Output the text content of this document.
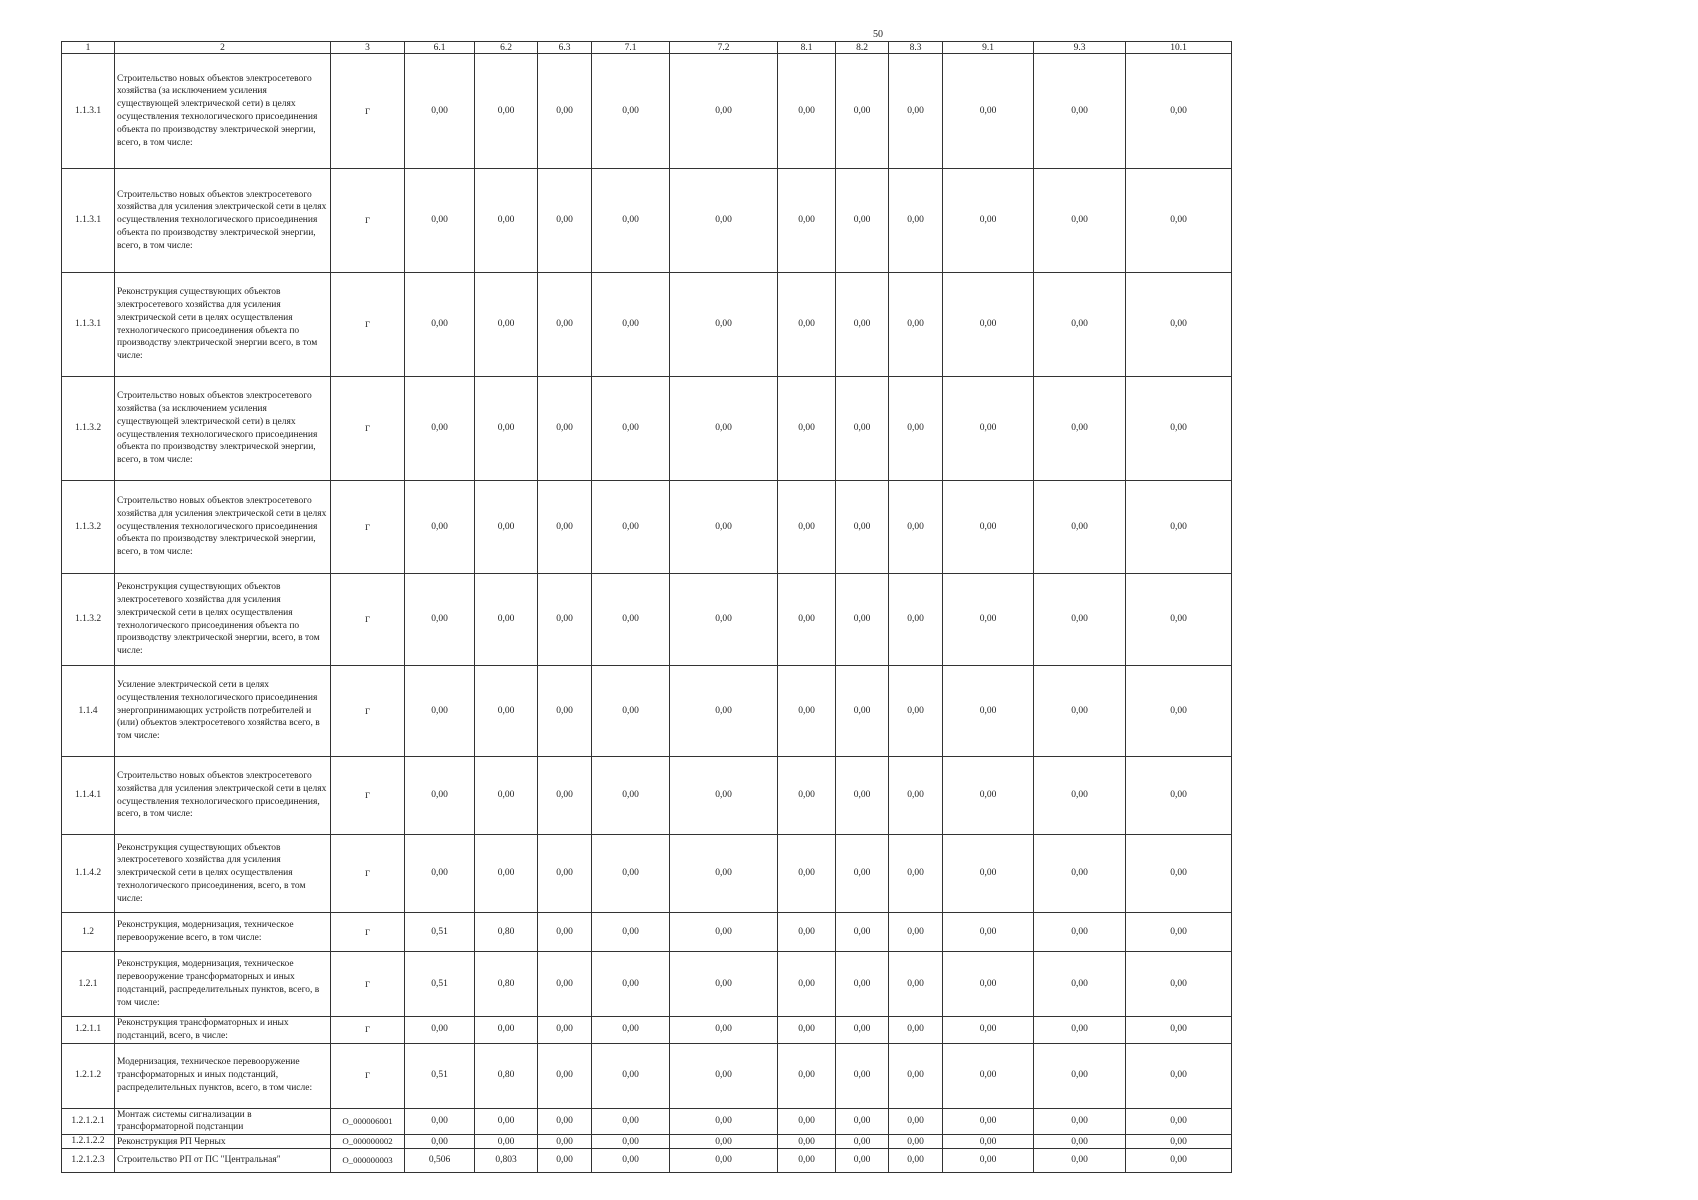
50
1	2	3	6.1	6.2	6.3	7.1	7.2	8.1	8.2	8.3	9.1	9.3	10.1
1.1.3.1	Строительство новых объектов электросетевого хозяйства (за исключением усиления существующей электрической сети) в целях осуществления технологического присоединения объекта по производству электрической энергии, всего, в том числе:	Г	0,00	0,00	0,00	0,00	0,00	0,00	0,00	0,00	0,00	0,00	0,00
1.1.3.1	Строительство новых объектов электросетевого хозяйства для усиления электрической сети в целях осуществления технологического присоединения объекта по производству электрической энергии, всего, в том числе:	Г	0,00	0,00	0,00	0,00	0,00	0,00	0,00	0,00	0,00	0,00	0,00
1.1.3.1	Реконструкция существующих объектов электросетевого хозяйства для усиления электрической сети в целях осуществления технологического присоединения объекта по производству электрической энергии всего, в том числе:	Г	0,00	0,00	0,00	0,00	0,00	0,00	0,00	0,00	0,00	0,00	0,00
1.1.3.2	Строительство новых объектов электросетевого хозяйства (за исключением усиления существующей электрической сети) в целях осуществления технологического присоединения объекта по производству электрической энергии, всего, в том числе:	Г	0,00	0,00	0,00	0,00	0,00	0,00	0,00	0,00	0,00	0,00	0,00
1.1.3.2	Строительство новых объектов электросетевого хозяйства для усиления электрической сети в целях осуществления технологического присоединения объекта по производству электрической энергии, всего, в том числе:	Г	0,00	0,00	0,00	0,00	0,00	0,00	0,00	0,00	0,00	0,00	0,00
1.1.3.2	Реконструкция существующих объектов электросетевого хозяйства для усиления электрической сети в целях осуществления технологического присоединения объекта по производству электрической энергии, всего, в том числе:	Г	0,00	0,00	0,00	0,00	0,00	0,00	0,00	0,00	0,00	0,00	0,00
1.1.4	Усиление электрической сети в целях осуществления технологического присоединения энергопринимающих устройств потребителей и (или) объектов электросетевого хозяйства всего, в том числе:	Г	0,00	0,00	0,00	0,00	0,00	0,00	0,00	0,00	0,00	0,00	0,00
1.1.4.1	Строительство новых объектов электросетевого хозяйства для усиления электрической сети в целях осуществления технологического присоединения, всего, в том числе:	Г	0,00	0,00	0,00	0,00	0,00	0,00	0,00	0,00	0,00	0,00	0,00
1.1.4.2	Реконструкция существующих объектов электросетевого хозяйства для усиления электрической сети в целях осуществления технологического присоединения, всего, в том числе:	Г	0,00	0,00	0,00	0,00	0,00	0,00	0,00	0,00	0,00	0,00	0,00
1.2	Реконструкция, модернизация, техническое перевооружение всего, в том числе:	Г	0,51	0,80	0,00	0,00	0,00	0,00	0,00	0,00	0,00	0,00	0,00
1.2.1	Реконструкция, модернизация, техническое перевооружение трансформаторных и иных подстанций, распределительных пунктов, всего, в том числе:	Г	0,51	0,80	0,00	0,00	0,00	0,00	0,00	0,00	0,00	0,00	0,00
1.2.1.1	Реконструкция трансформаторных и иных подстанций, всего, в числе:	Г	0,00	0,00	0,00	0,00	0,00	0,00	0,00	0,00	0,00	0,00	0,00
1.2.1.2	Модернизация, техническое перевооружение трансформаторных и иных подстанций, распределительных пунктов, всего, в том числе:	Г	0,51	0,80	0,00	0,00	0,00	0,00	0,00	0,00	0,00	0,00	0,00
1.2.1.2.1	Монтаж системы сигнализации в трансформаторной подстанции	O_000006001	0,00	0,00	0,00	0,00	0,00	0,00	0,00	0,00	0,00	0,00	0,00
1.2.1.2.2	Реконструкция РП Черных	O_000000002	0,00	0,00	0,00	0,00	0,00	0,00	0,00	0,00	0,00	0,00	0,00
1.2.1.2.3	Строительство РП от ПС "Центральная"	O_000000003	0,506	0,803	0,00	0,00	0,00	0,00	0,00	0,00	0,00	0,00	0,00
